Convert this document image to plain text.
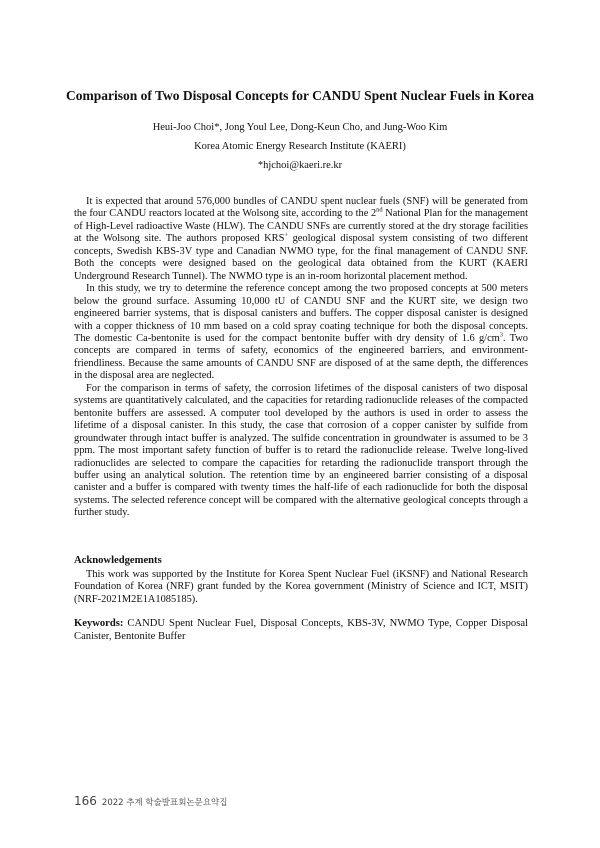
Comparison of Two Disposal Concepts for CANDU Spent Nuclear Fuels in Korea
Heui-Joo Choi*, Jong Youl Lee, Dong-Keun Cho, and Jung-Woo Kim
Korea Atomic Energy Research Institute (KAERI)
*hjchoi@kaeri.re.kr

It is expected that around 576,000 bundles of CANDU spent nuclear fuels (SNF) will be generated from the four CANDU reactors located at the Wolsong site, according to the 2nd National Plan for the management of High-Level radioactive Waste (HLW). The CANDU SNFs are currently stored at the dry storage facilities at the Wolsong site. The authors proposed KRS+ geological disposal system consisting of two different concepts, Swedish KBS-3V type and Canadian NWMO type, for the final management of CANDU SNF. Both the concepts were designed based on the geological data obtained from the KURT (KAERI Underground Research Tunnel). The NWMO type is an in-room horizontal placement method.

In this study, we try to determine the reference concept among the two proposed concepts at 500 meters below the ground surface. Assuming 10,000 tU of CANDU SNF and the KURT site, we design two engineered barrier systems, that is disposal canisters and buffers. The copper disposal canister is designed with a copper thickness of 10 mm based on a cold spray coating technique for both the disposal concepts. The domestic Ca-bentonite is used for the compact bentonite buffer with dry density of 1.6 $g/cm^3$. Two concepts are compared in terms of safety, economics of the engineered barriers, and environment-friendliness. Because the same amounts of CANDU SNF are disposed of at the same depth, the differences in the disposal area are neglected.

For the comparison in terms of safety, the corrosion lifetimes of the disposal canisters of two disposal systems are quantitatively calculated, and the capacities for retarding radionuclide releases of the compacted bentonite buffers are assessed. A computer tool developed by the authors is used in order to assess the lifetime of a disposal canister. In this study, the case that corrosion of a copper canister by sulfide from groundwater through intact buffer is analyzed. The sulfide concentration in groundwater is assumed to be 3 ppm. The most important safety function of buffer is to retard the radionuclide release. Twelve long-lived radionuclides are selected to compare the capacities for retarding the radionuclide transport through the buffer using an analytical solution. The retention time by an engineered barrier consisting of a disposal canister and a buffer is compared with twenty times the half-life of each radionuclide for both the disposal systems. The selected reference concept will be compared with the alternative geological concepts through a further study.

Acknowledgements
This work was supported by the Institute for Korea Spent Nuclear Fuel (iKSNF) and National Research Foundation of Korea (NRF) grant funded by the Korea government (Ministry of Science and ICT, MSIT) (NRF-2021M2E1A1085185).
Keywords: CANDU Spent Nuclear Fuel, Disposal Concepts, KBS-3V, NWMO Type, Copper Disposal Canister, Bentonite Buffer
166 2022 추계 학술발표회논문요약집
